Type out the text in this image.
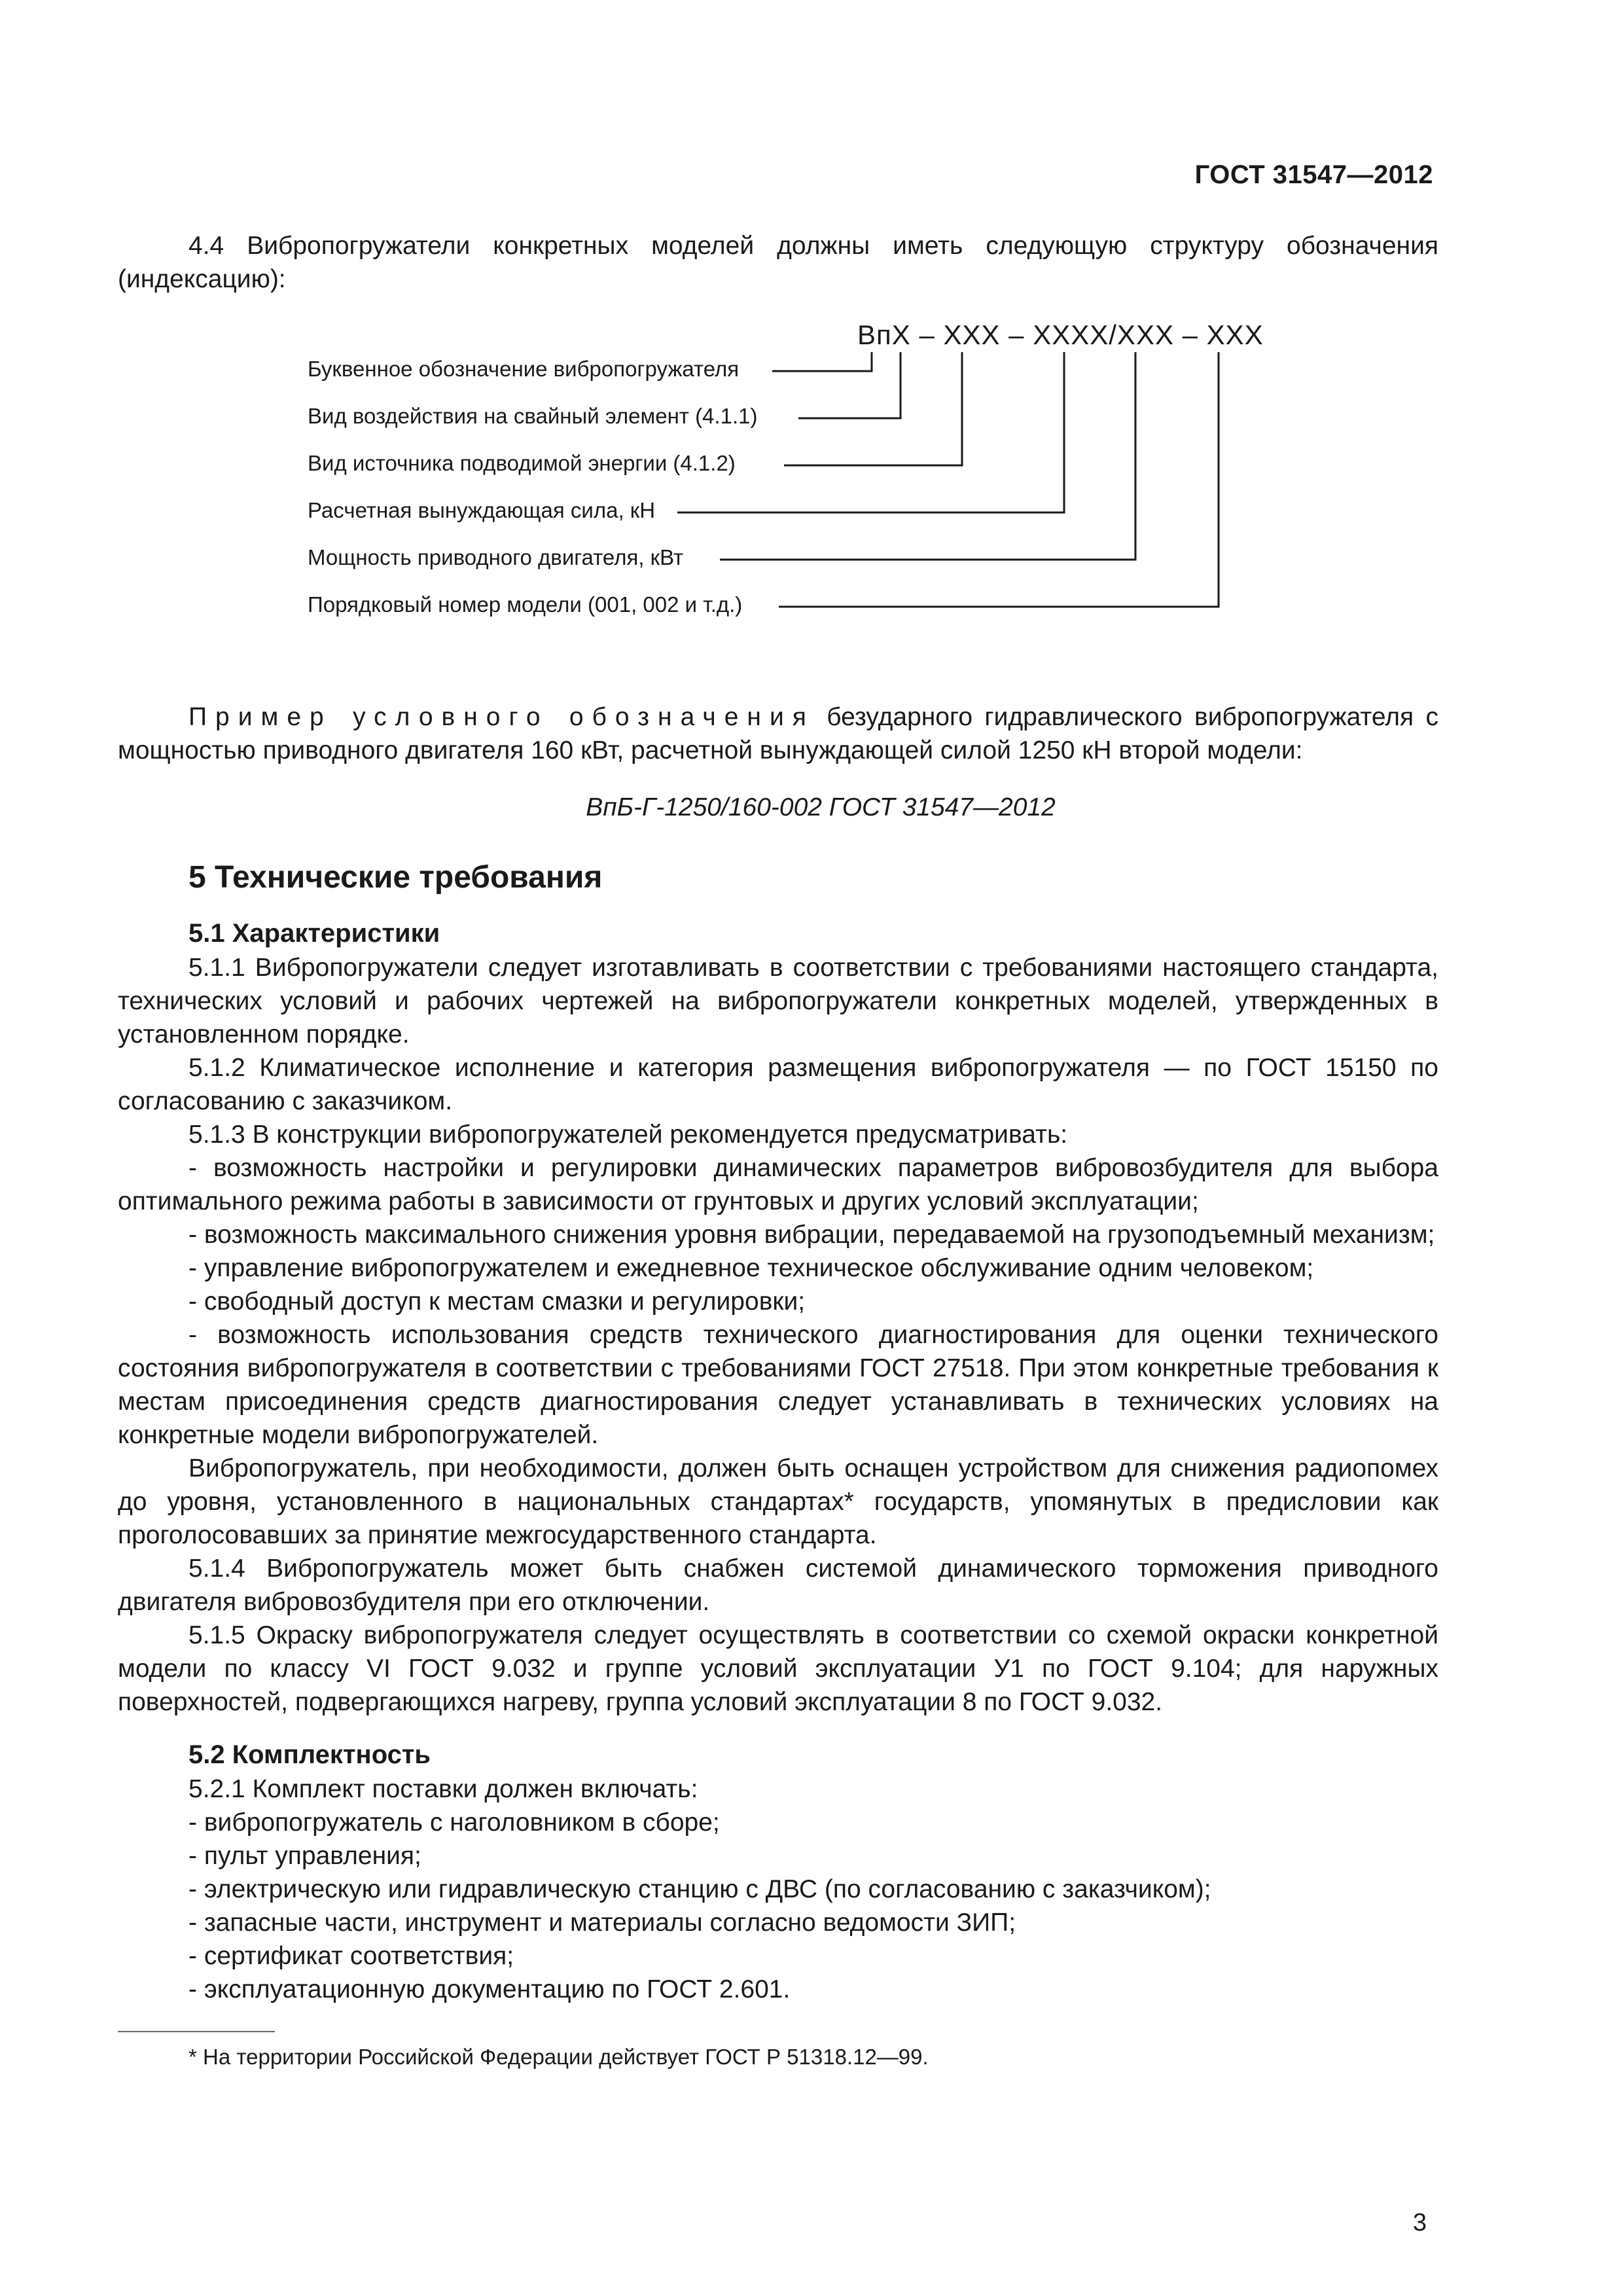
ГОСТ 31547—2012

4.4 Вибропогружатели конкретных моделей должны иметь следующую структуру обозначения (индексацию):

ВпХ – ХХХ – ХХХХ/ХХХ – ХХХ
Буквенное обозначение вибропогружателя
Вид воздействия на свайный элемент (4.1.1)
Вид источника подводимой энергии (4.1.2)
Расчетная вынуждающая сила, кН
Мощность приводного двигателя, кВт
Порядковый номер модели (001, 002 и т.д.)

Пример условного обозначения безударного гидравлического вибропогружателя с мощностью приводного двигателя 160 кВт, расчетной вынуждающей силой 1250 кН второй модели:

ВпБ-Г-1250/160-002 ГОСТ 31547—2012

5 Технические требования
5.1 Характеристики

5.1.1 Вибропогружатели следует изготавливать в соответствии с требованиями настоящего стандарта, технических условий и рабочих чертежей на вибропогружатели конкретных моделей, утвержденных в установленном порядке.

5.1.2 Климатическое исполнение и категория размещения вибропогружателя — по ГОСТ 15150 по согласованию с заказчиком.

5.1.3 В конструкции вибропогружателей рекомендуется предусматривать:

- возможность настройки и регулировки динамических параметров вибровозбудителя для выбора оптимального режима работы в зависимости от грунтовых и других условий эксплуатации;

- возможность максимального снижения уровня вибрации, передаваемой на грузоподъемный механизм;

- управление вибропогружателем и ежедневное техническое обслуживание одним человеком;

- свободный доступ к местам смазки и регулировки;

- возможность использования средств технического диагностирования для оценки технического состояния вибропогружателя в соответствии с требованиями ГОСТ 27518. При этом конкретные требования к местам присоединения средств диагностирования следует устанавливать в технических условиях на конкретные модели вибропогружателей.

Вибропогружатель, при необходимости, должен быть оснащен устройством для снижения радиопомех до уровня, установленного в национальных стандартах* государств, упомянутых в предисловии как проголосовавших за принятие межгосударственного стандарта.

5.1.4 Вибропогружатель может быть снабжен системой динамического торможения приводного двигателя вибровозбудителя при его отключении.

5.1.5 Окраску вибропогружателя следует осуществлять в соответствии со схемой окраски конкретной модели по классу VI ГОСТ 9.032 и группе условий эксплуатации У1 по ГОСТ 9.104; для наружных поверхностей, подвергающихся нагреву, группа условий эксплуатации 8 по ГОСТ 9.032.

5.2 Комплектность

5.2.1 Комплект поставки должен включать:

- вибропогружатель с наголовником в сборе;

- пульт управления;

- электрическую или гидравлическую станцию с ДВС (по согласованию с заказчиком);

- запасные части, инструмент и материалы согласно ведомости ЗИП;

- сертификат соответствия;

- эксплуатационную документацию по ГОСТ 2.601.

* На территории Российской Федерации действует ГОСТ Р 51318.12—99.

3
